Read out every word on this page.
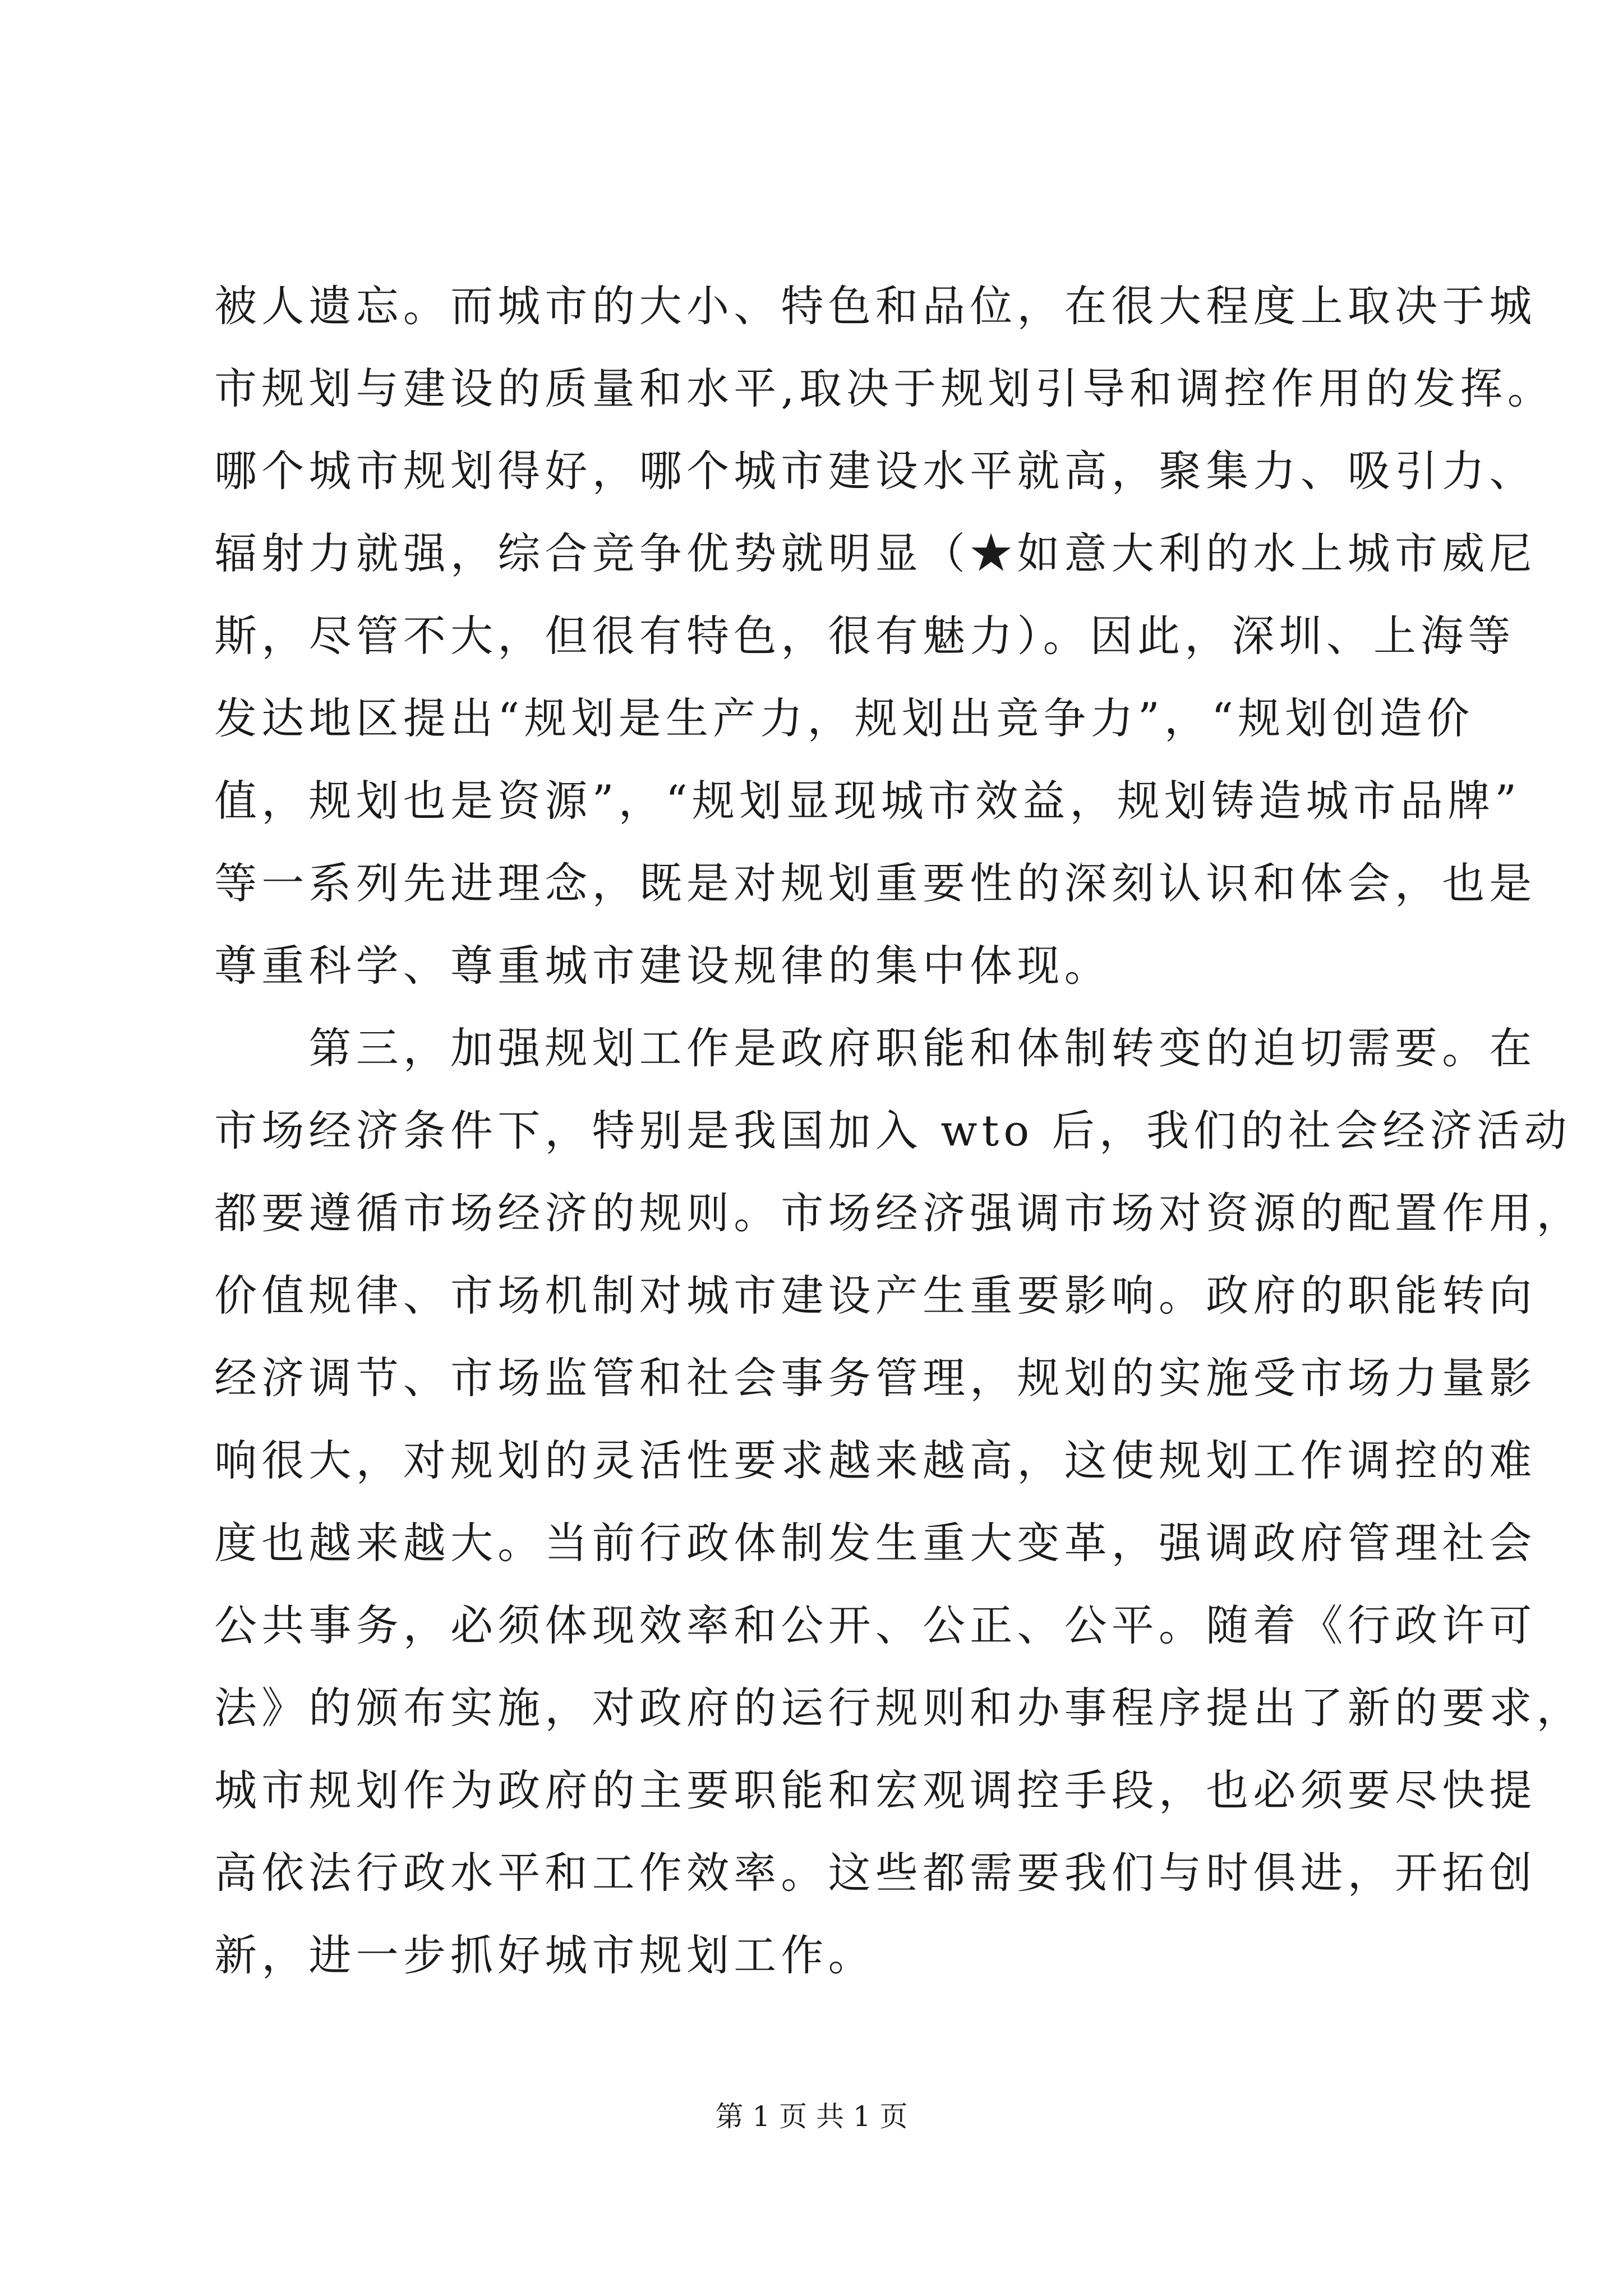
被人遗忘。而城市的大小、特色和品位，在很大程度上取决于城
市规划与建设的质量和水平,取决于规划引导和调控作用的发挥。
哪个城市规划得好，哪个城市建设水平就高，聚集力、吸引力、
辐射力就强，综合竞争优势就明显（★如意大利的水上城市威尼
斯，尽管不大，但很有特色，很有魅力）。因此，深圳、上海等
发达地区提出“规划是生产力，规划出竞争力”，“规划创造价
值，规划也是资源”，“规划显现城市效益，规划铸造城市品牌”
等一系列先进理念，既是对规划重要性的深刻认识和体会，也是
尊重科学、尊重城市建设规律的集中体现。
　　第三，加强规划工作是政府职能和体制转变的迫切需要。在
市场经济条件下，特别是我国加入 wto 后，我们的社会经济活动
都要遵循市场经济的规则。市场经济强调市场对资源的配置作用，
价值规律、市场机制对城市建设产生重要影响。政府的职能转向
经济调节、市场监管和社会事务管理，规划的实施受市场力量影
响很大，对规划的灵活性要求越来越高，这使规划工作调控的难
度也越来越大。当前行政体制发生重大变革，强调政府管理社会
公共事务，必须体现效率和公开、公正、公平。随着《行政许可
法》的颁布实施，对政府的运行规则和办事程序提出了新的要求，
城市规划作为政府的主要职能和宏观调控手段，也必须要尽快提
高依法行政水平和工作效率。这些都需要我们与时俱进，开拓创
新，进一步抓好城市规划工作。
第 1 页 共 1 页
